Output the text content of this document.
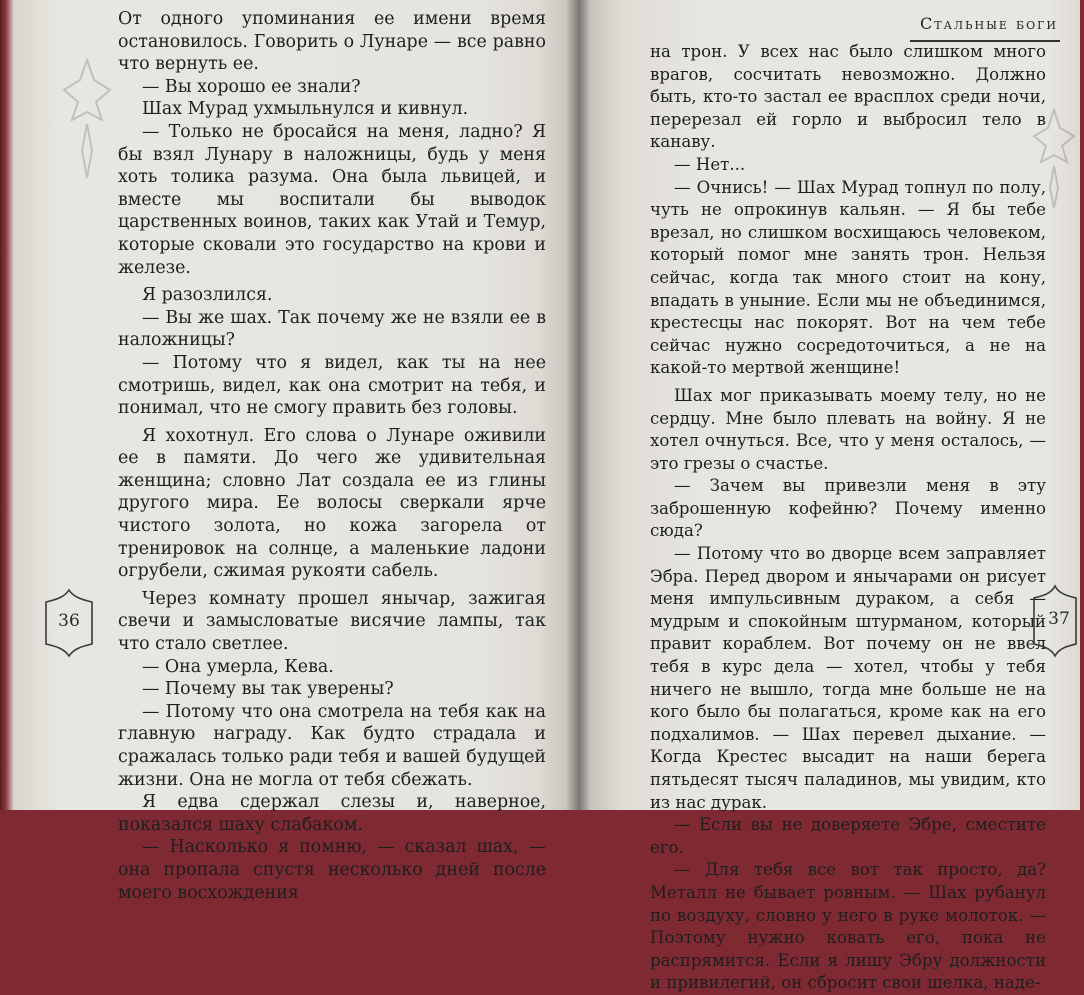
От одного упоминания ее имени время остановилось. Говорить о Лунаре — все равно что вернуть ее.

— Вы хорошо ее знали?

Шах Мурад ухмыльнулся и кивнул.

— Только не бросайся на меня, ладно? Я бы взял Лунару в наложницы, будь у меня хоть толика разума. Она была львицей, и вместе мы воспитали бы выводок царственных воинов, таких как Утай и Темур, которые сковали это государство на крови и железе.

Я разозлился.

— Вы же шах. Так почему же не взяли ее в наложницы?

— Потому что я видел, как ты на нее смотришь, видел, как она смотрит на тебя, и понимал, что не смогу править без головы.

Я хохотнул. Его слова о Лунаре оживили ее в памяти. До чего же удивительная женщина; словно Лат создала ее из глины другого мира. Ее волосы сверкали ярче чистого золота, но кожа загорела от тренировок на солнце, а маленькие ладони огрубели, сжимая рукояти сабель.

Через комнату прошел янычар, зажигая свечи и замысловатые висячие лампы, так что стало светлее.

— Она умерла, Кева.

— Почему вы так уверены?

— Потому что она смотрела на тебя как на главную награду. Как будто страдала и сражалась только ради тебя и вашей будущей жизни. Она не могла от тебя сбежать.

Я едва сдержал слезы и, наверное, показался шаху слабаком.

— Насколько я помню, — сказал шах, — она пропала спустя несколько дней после моего восхождения

36
Стальные боги

на трон. У всех нас было слишком много врагов, сосчитать невозможно. Должно быть, кто-то застал ее врасплох среди ночи, перерезал ей горло и выбросил тело в канаву.

— Нет...

— Очнись! — Шах Мурад топнул по полу, чуть не опрокинув кальян. — Я бы тебе врезал, но слишком восхищаюсь человеком, который помог мне занять трон. Нельзя сейчас, когда так много стоит на кону, впадать в уныние. Если мы не объединимся, крестесцы нас покорят. Вот на чем тебе сейчас нужно сосредоточиться, а не на какой-то мертвой женщине!

Шах мог приказывать моему телу, но не сердцу. Мне было плевать на войну. Я не хотел очнуться. Все, что у меня осталось, — это грезы о счастье.

— Зачем вы привезли меня в эту заброшенную кофейню? Почему именно сюда?

— Потому что во дворце всем заправляет Эбра. Перед двором и янычарами он рисует меня импульсивным дураком, а себя — мудрым и спокойным штурманом, который правит кораблем. Вот почему он не ввел тебя в курс дела — хотел, чтобы у тебя ничего не вышло, тогда мне больше не на кого было бы полагаться, кроме как на его подхалимов. — Шах перевел дыхание. — Когда Крестес высадит на наши берега пятьдесят тысяч паладинов, мы увидим, кто из нас дурак.

— Если вы не доверяете Эбре, сместите его.

— Для тебя все вот так просто, да? Металл не бывает ровным. — Шах рубанул по воздуху, словно у него в руке молоток. — Поэтому нужно ковать его, пока не распрямится. Если я лишу Эбру должности и привилегий, он сбросит свои шелка, наде-

37
